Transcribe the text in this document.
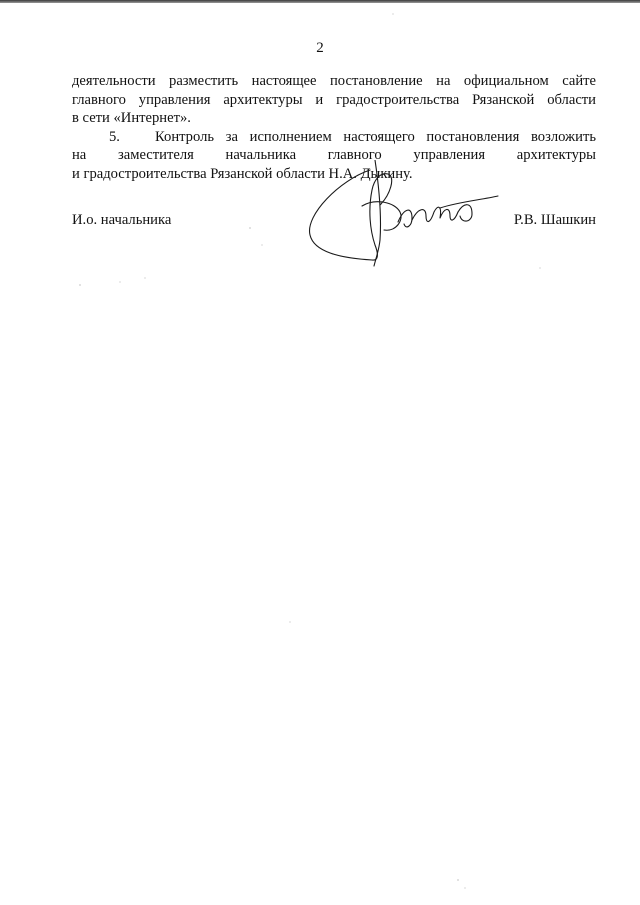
2

деятельности разместить настоящее постановление на официальном сайте
главного управления архитектуры и градостроительства Рязанской области
в сети «Интернет».

5. Контроль за исполнением настоящего постановления возложить
на заместителя начальника главного управления архитектуры
и градостроительства Рязанской области Н.А. Дыкину.

И.о. начальника	Р.В. Шашкин
